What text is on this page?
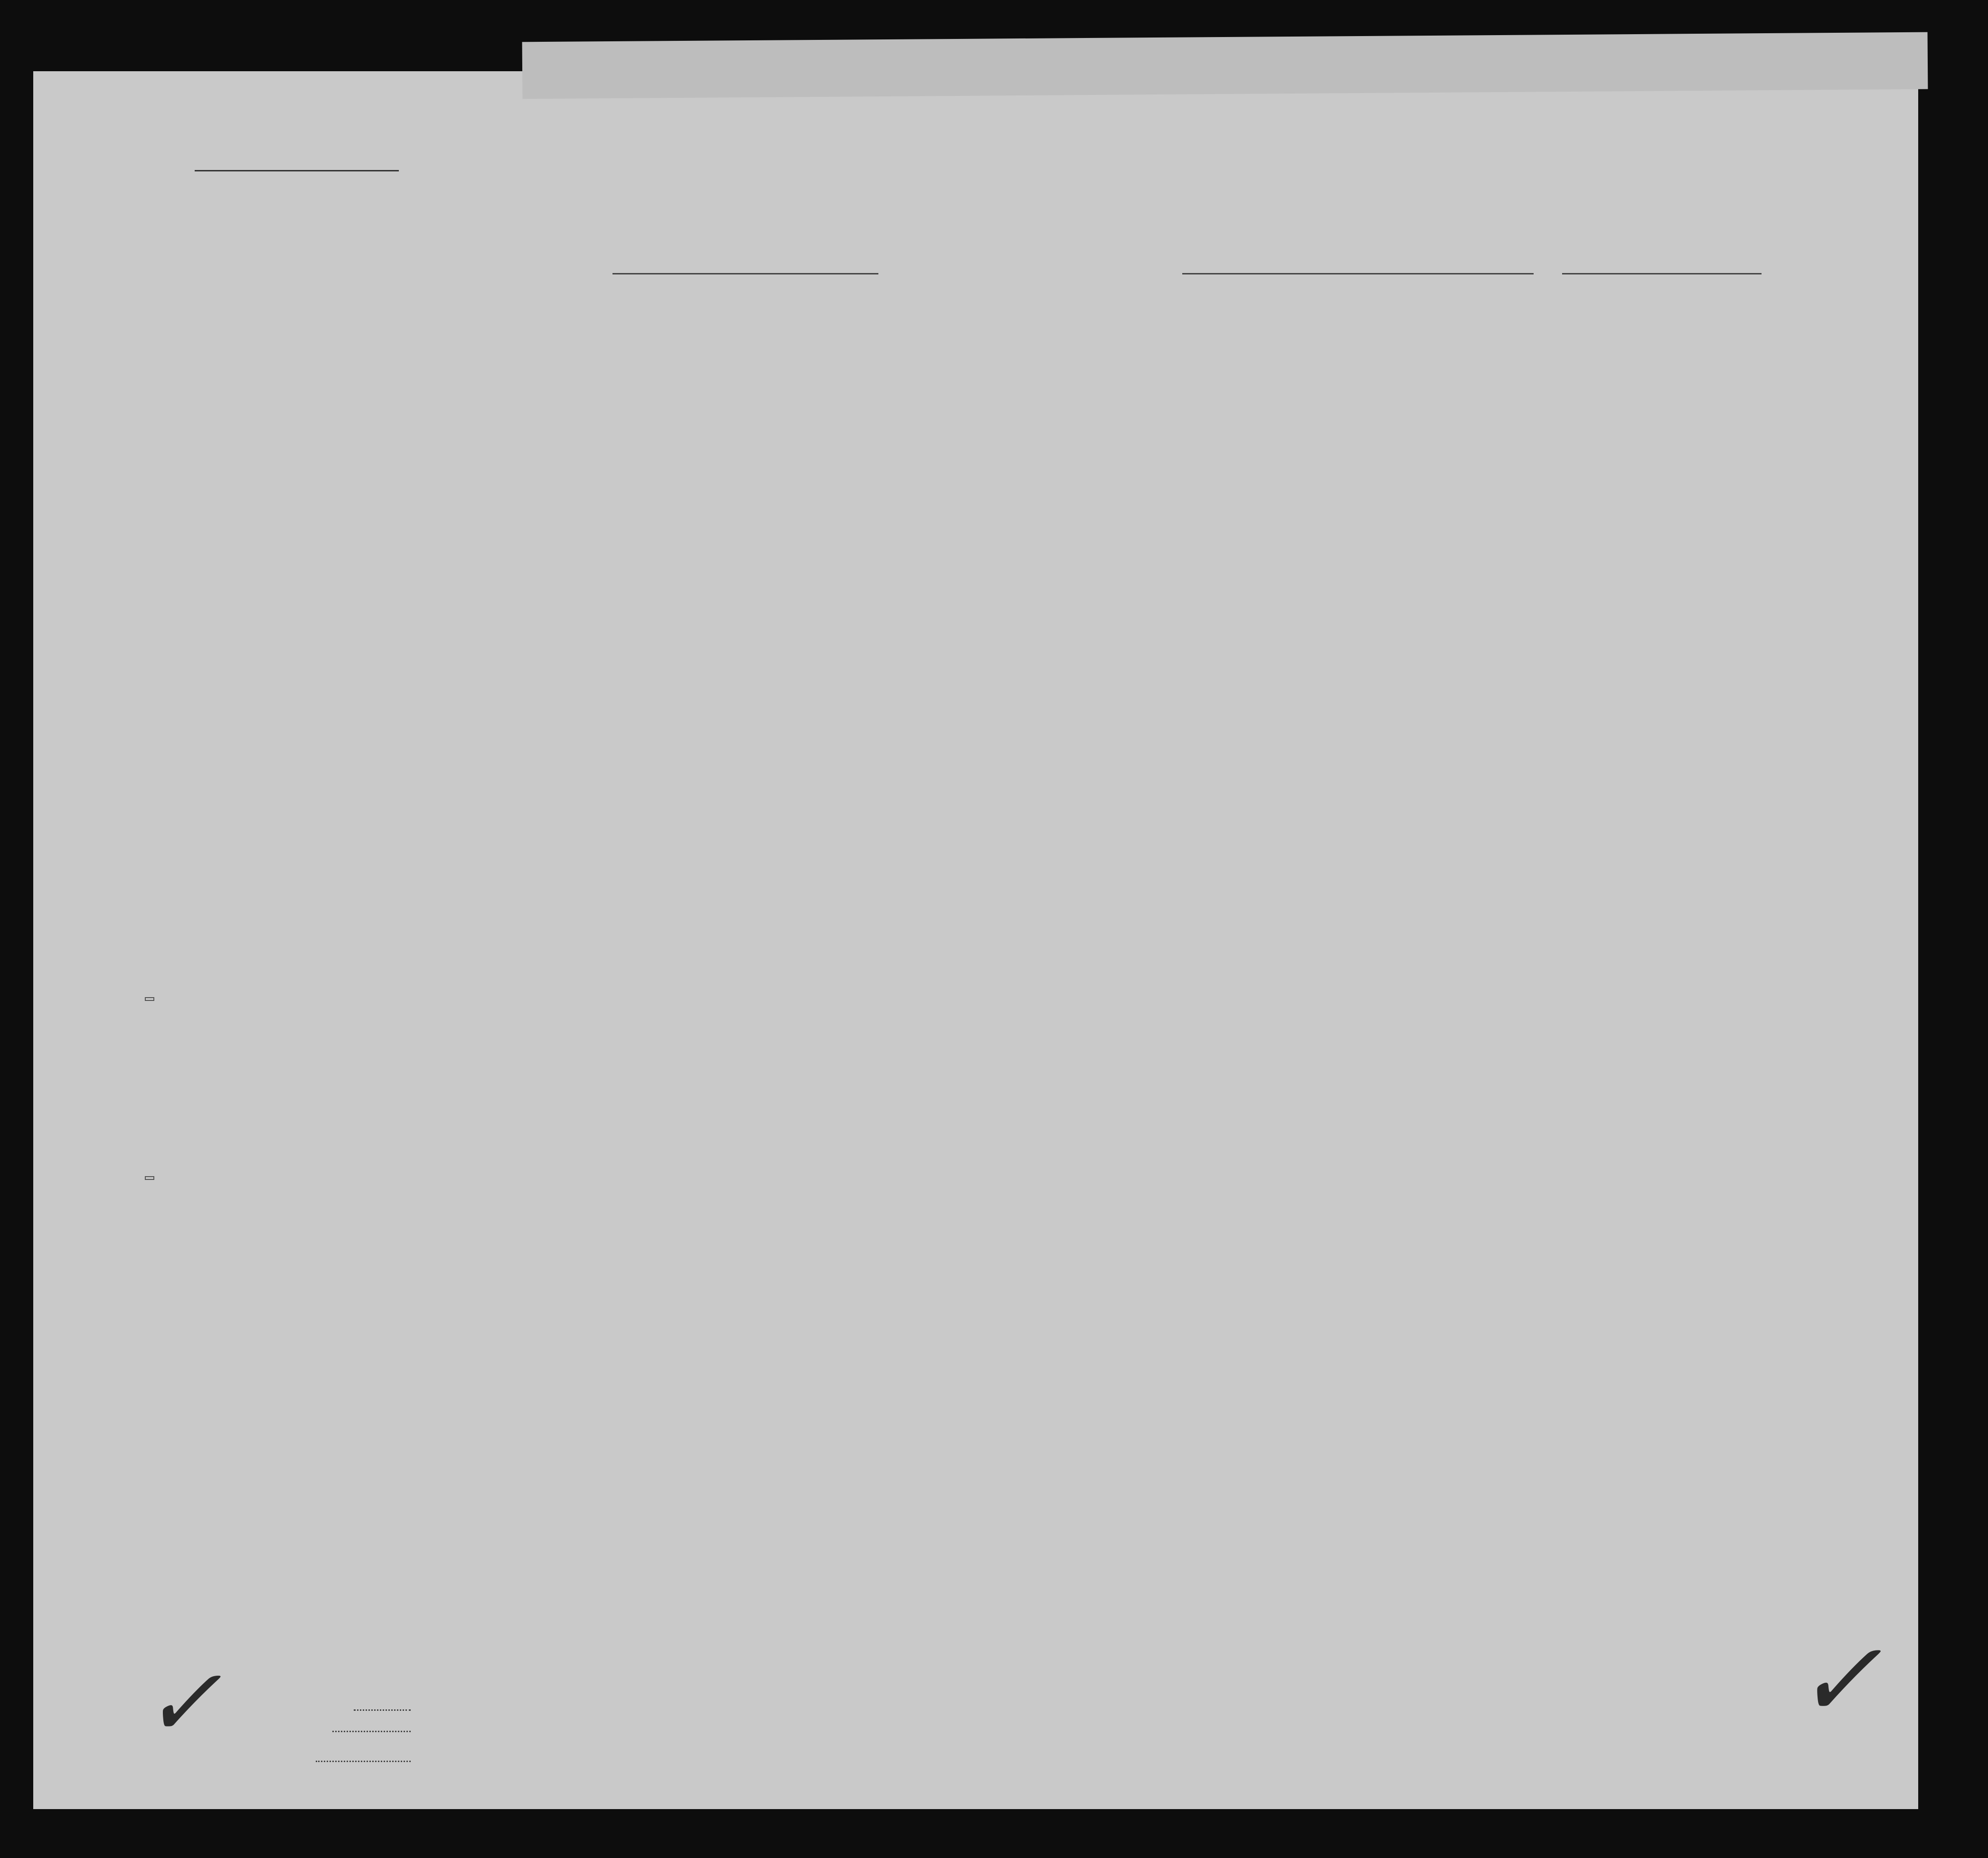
✓	✓
